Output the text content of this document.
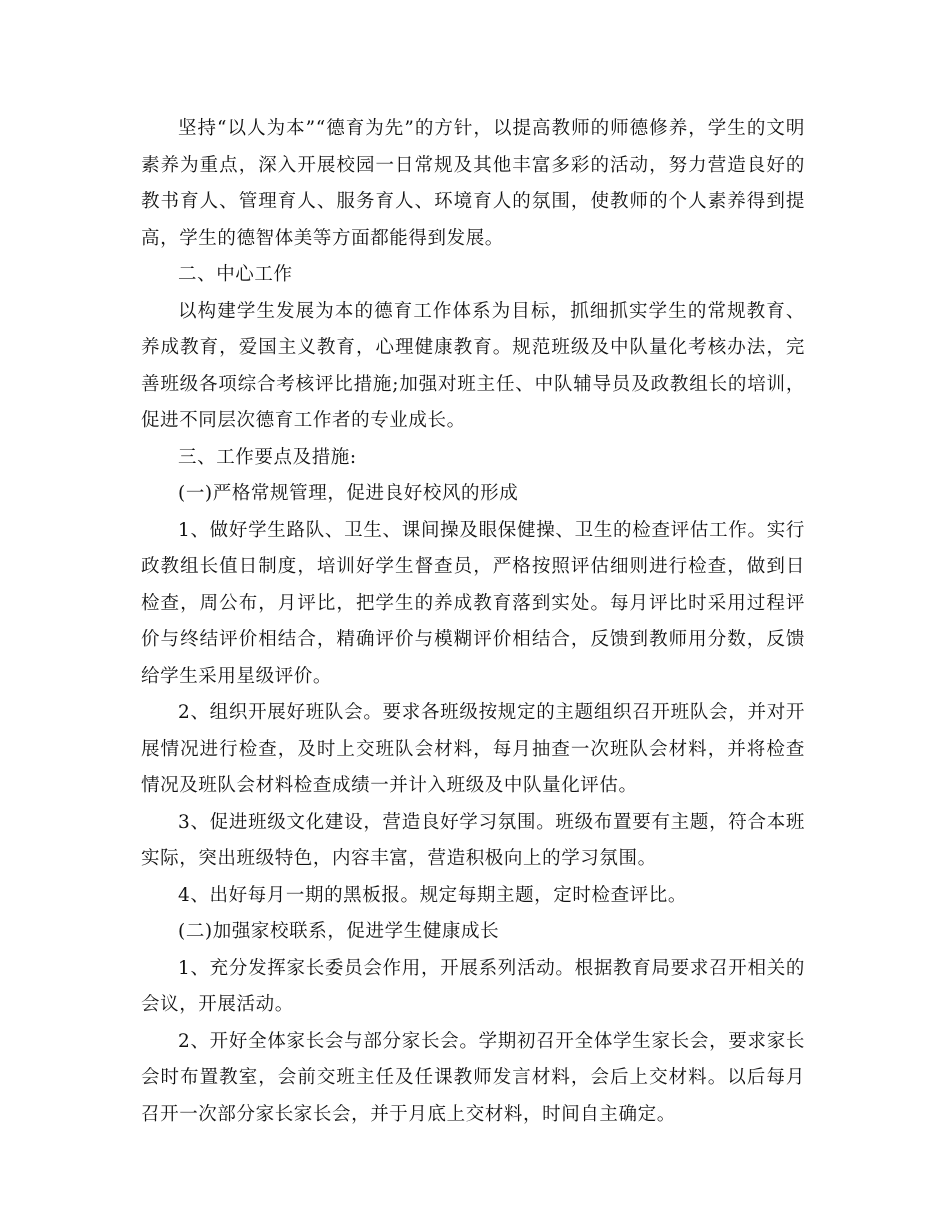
坚持“以人为本”“德育为先”的方针，以提高教师的师德修养，学生的文明素养为重点，深入开展校园一日常规及其他丰富多彩的活动，努力营造良好的教书育人、管理育人、服务育人、环境育人的氛围，使教师的个人素养得到提高，学生的德智体美等方面都能得到发展。

二、中心工作

以构建学生发展为本的德育工作体系为目标，抓细抓实学生的常规教育、养成教育，爱国主义教育，心理健康教育。规范班级及中队量化考核办法，完善班级各项综合考核评比措施;加强对班主任、中队辅导员及政教组长的培训，促进不同层次德育工作者的专业成长。

三、工作要点及措施:

(一)严格常规管理，促进良好校风的形成

1、做好学生路队、卫生、课间操及眼保健操、卫生的检查评估工作。实行政教组长值日制度，培训好学生督查员，严格按照评估细则进行检查，做到日检查，周公布，月评比，把学生的养成教育落到实处。每月评比时采用过程评价与终结评价相结合，精确评价与模糊评价相结合，反馈到教师用分数，反馈给学生采用星级评价。

2、组织开展好班队会。要求各班级按规定的主题组织召开班队会，并对开展情况进行检查，及时上交班队会材料，每月抽查一次班队会材料，并将检查情况及班队会材料检查成绩一并计入班级及中队量化评估。

3、促进班级文化建设，营造良好学习氛围。班级布置要有主题，符合本班实际，突出班级特色，内容丰富，营造积极向上的学习氛围。

4、出好每月一期的黑板报。规定每期主题，定时检查评比。

(二)加强家校联系，促进学生健康成长

1、充分发挥家长委员会作用，开展系列活动。根据教育局要求召开相关的会议，开展活动。

2、开好全体家长会与部分家长会。学期初召开全体学生家长会，要求家长会时布置教室，会前交班主任及任课教师发言材料，会后上交材料。以后每月召开一次部分家长家长会，并于月底上交材料，时间自主确定。
